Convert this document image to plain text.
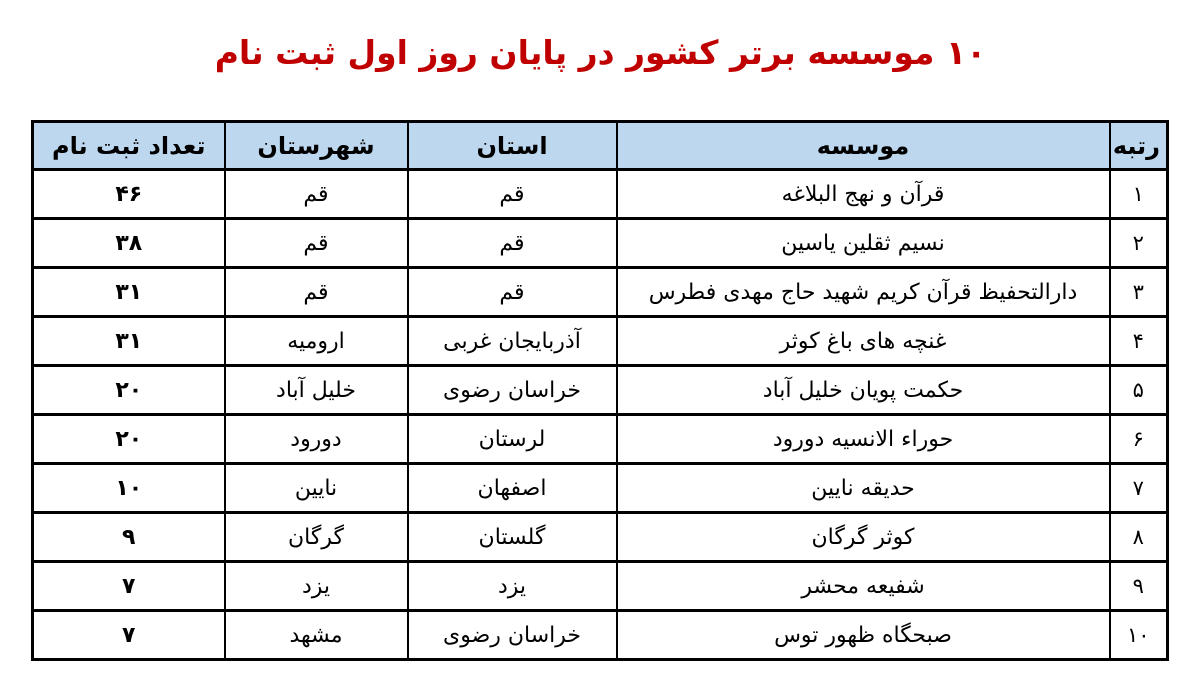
۱۰ موسسه برتر کشور در پایان روز اول ثبت نام
رتبه	موسسه	استان	شهرستان	تعداد ثبت نام
۱	قرآن و نهج البلاغه	قم	قم	۴۶
۲	نسیم ثقلین یاسین	قم	قم	۳۸
۳	دارالتحفیظ قرآن کریم شهید حاج مهدی فطرس	قم	قم	۳۱
۴	غنچه های باغ کوثر	آذربایجان غربی	ارومیه	۳۱
۵	حکمت پویان خلیل آباد	خراسان رضوی	خلیل آباد	۲۰
۶	حوراء الانسیه دورود	لرستان	دورود	۲۰
۷	حدیقه نایین	اصفهان	نایین	۱۰
۸	کوثر گرگان	گلستان	گرگان	۹
۹	شفیعه محشر	یزد	یزد	۷
۱۰	صبحگاه ظهور توس	خراسان رضوی	مشهد	۷
